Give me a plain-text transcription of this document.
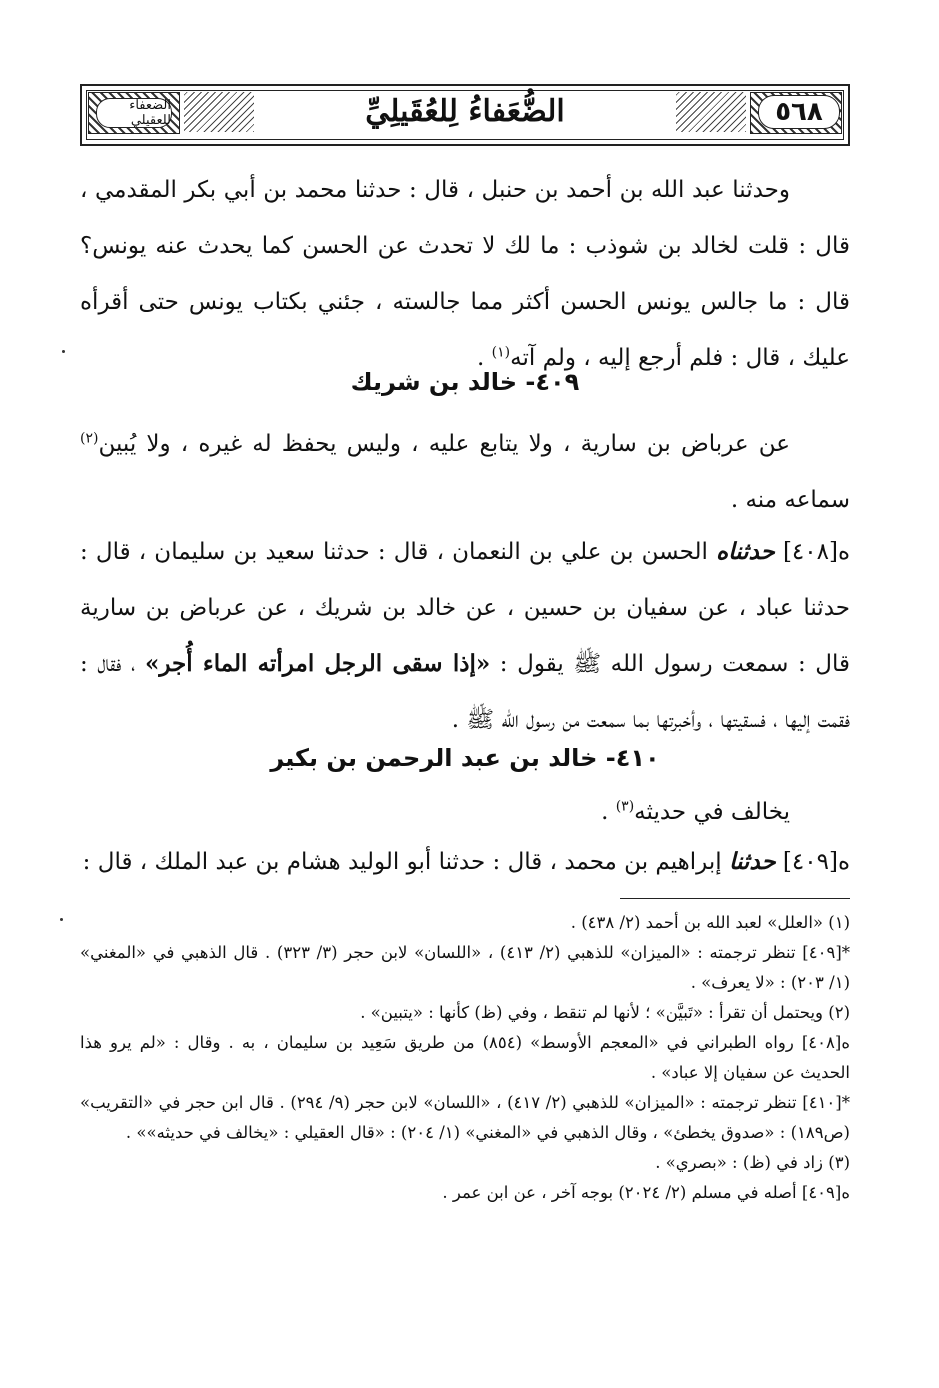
٥٦٨
الضُّعَفاءُ لِلعُقَيلِيِّ
الضعفاء للعقيلي

وحدثنا عبد الله بن أحمد بن حنبل ، قال : حدثنا محمد بن أبي بكر المقدمي ، قال : قلت لخالد بن شوذب : ما لك لا تحدث عن الحسن كما يحدث عنه يونس؟ قال : ما جالس يونس الحسن أكثر مما جالسته ، جئني بكتاب يونس حتى أقرأه عليك ، قال : فلم أرجع إليه ، ولم آته$^{(١)}$ .

٤٠٩- خالد بن شريك

عن عرباض بن سارية ، ولا يتابع عليه ، وليس يحفظ له غيره ، ولا يُبين$^{(٢)}$ سماعه منه .

ه[٤٠٨] حدثناه الحسن بن علي بن النعمان ، قال : حدثنا سعيد بن سليمان ، قال : حدثنا عباد ، عن سفيان بن حسين ، عن خالد بن شريك ، عن عرباض بن سارية قال : سمعت رسول الله ﷺ يقول : «إذا سقى الرجل امرأته الماء أُجر» ، فقال : فقمت إليها ، فسقيتها ، وأخبرتها بما سمعت من رسول الله ﷺ .

٤١٠- خالد بن عبد الرحمن بن بكير

يخالف في حديثه$^{(٣)}$ .

ه[٤٠٩] حدثنا إبراهيم بن محمد ، قال : حدثنا أبو الوليد هشام بن عبد الملك ، قال :

(١) «العلل» لعبد الله بن أحمد (٢/ ٤٣٨) .

*[٤٠٩] تنظر ترجمته : «الميزان» للذهبي (٢/ ٤١٣) ، «اللسان» لابن حجر (٣/ ٣٢٣) . قال الذهبي في «المغني» (١/ ٢٠٣) : «لا يعرف» .

(٢) ويحتمل أن تقرأ : «تَبيَّن» ؛ لأنها لم تنقط ، وفي (ظ) كأنها : «يتبين» .

ه[٤٠٨] رواه الطبراني في «المعجم الأوسط» (٨٥٤) من طريق سَعِيد بن سليمان ، به . وقال : «لم يرو هذا الحديث عن سفيان إلا عباد» .

*[٤١٠] تنظر ترجمته : «الميزان» للذهبي (٢/ ٤١٧) ، «اللسان» لابن حجر (٩/ ٢٩٤) . قال ابن حجر في «التقريب» (ص١٨٩) : «صدوق يخطئ» ، وقال الذهبي في «المغني» (١/ ٢٠٤) : «قال العقيلي : «يخالف في حديثه»» .

(٣) زاد في (ظ) : «بصري» .

ه[٤٠٩] أصله في مسلم (٢/ ٢٠٢٤) بوجه آخر ، عن ابن عمر .
